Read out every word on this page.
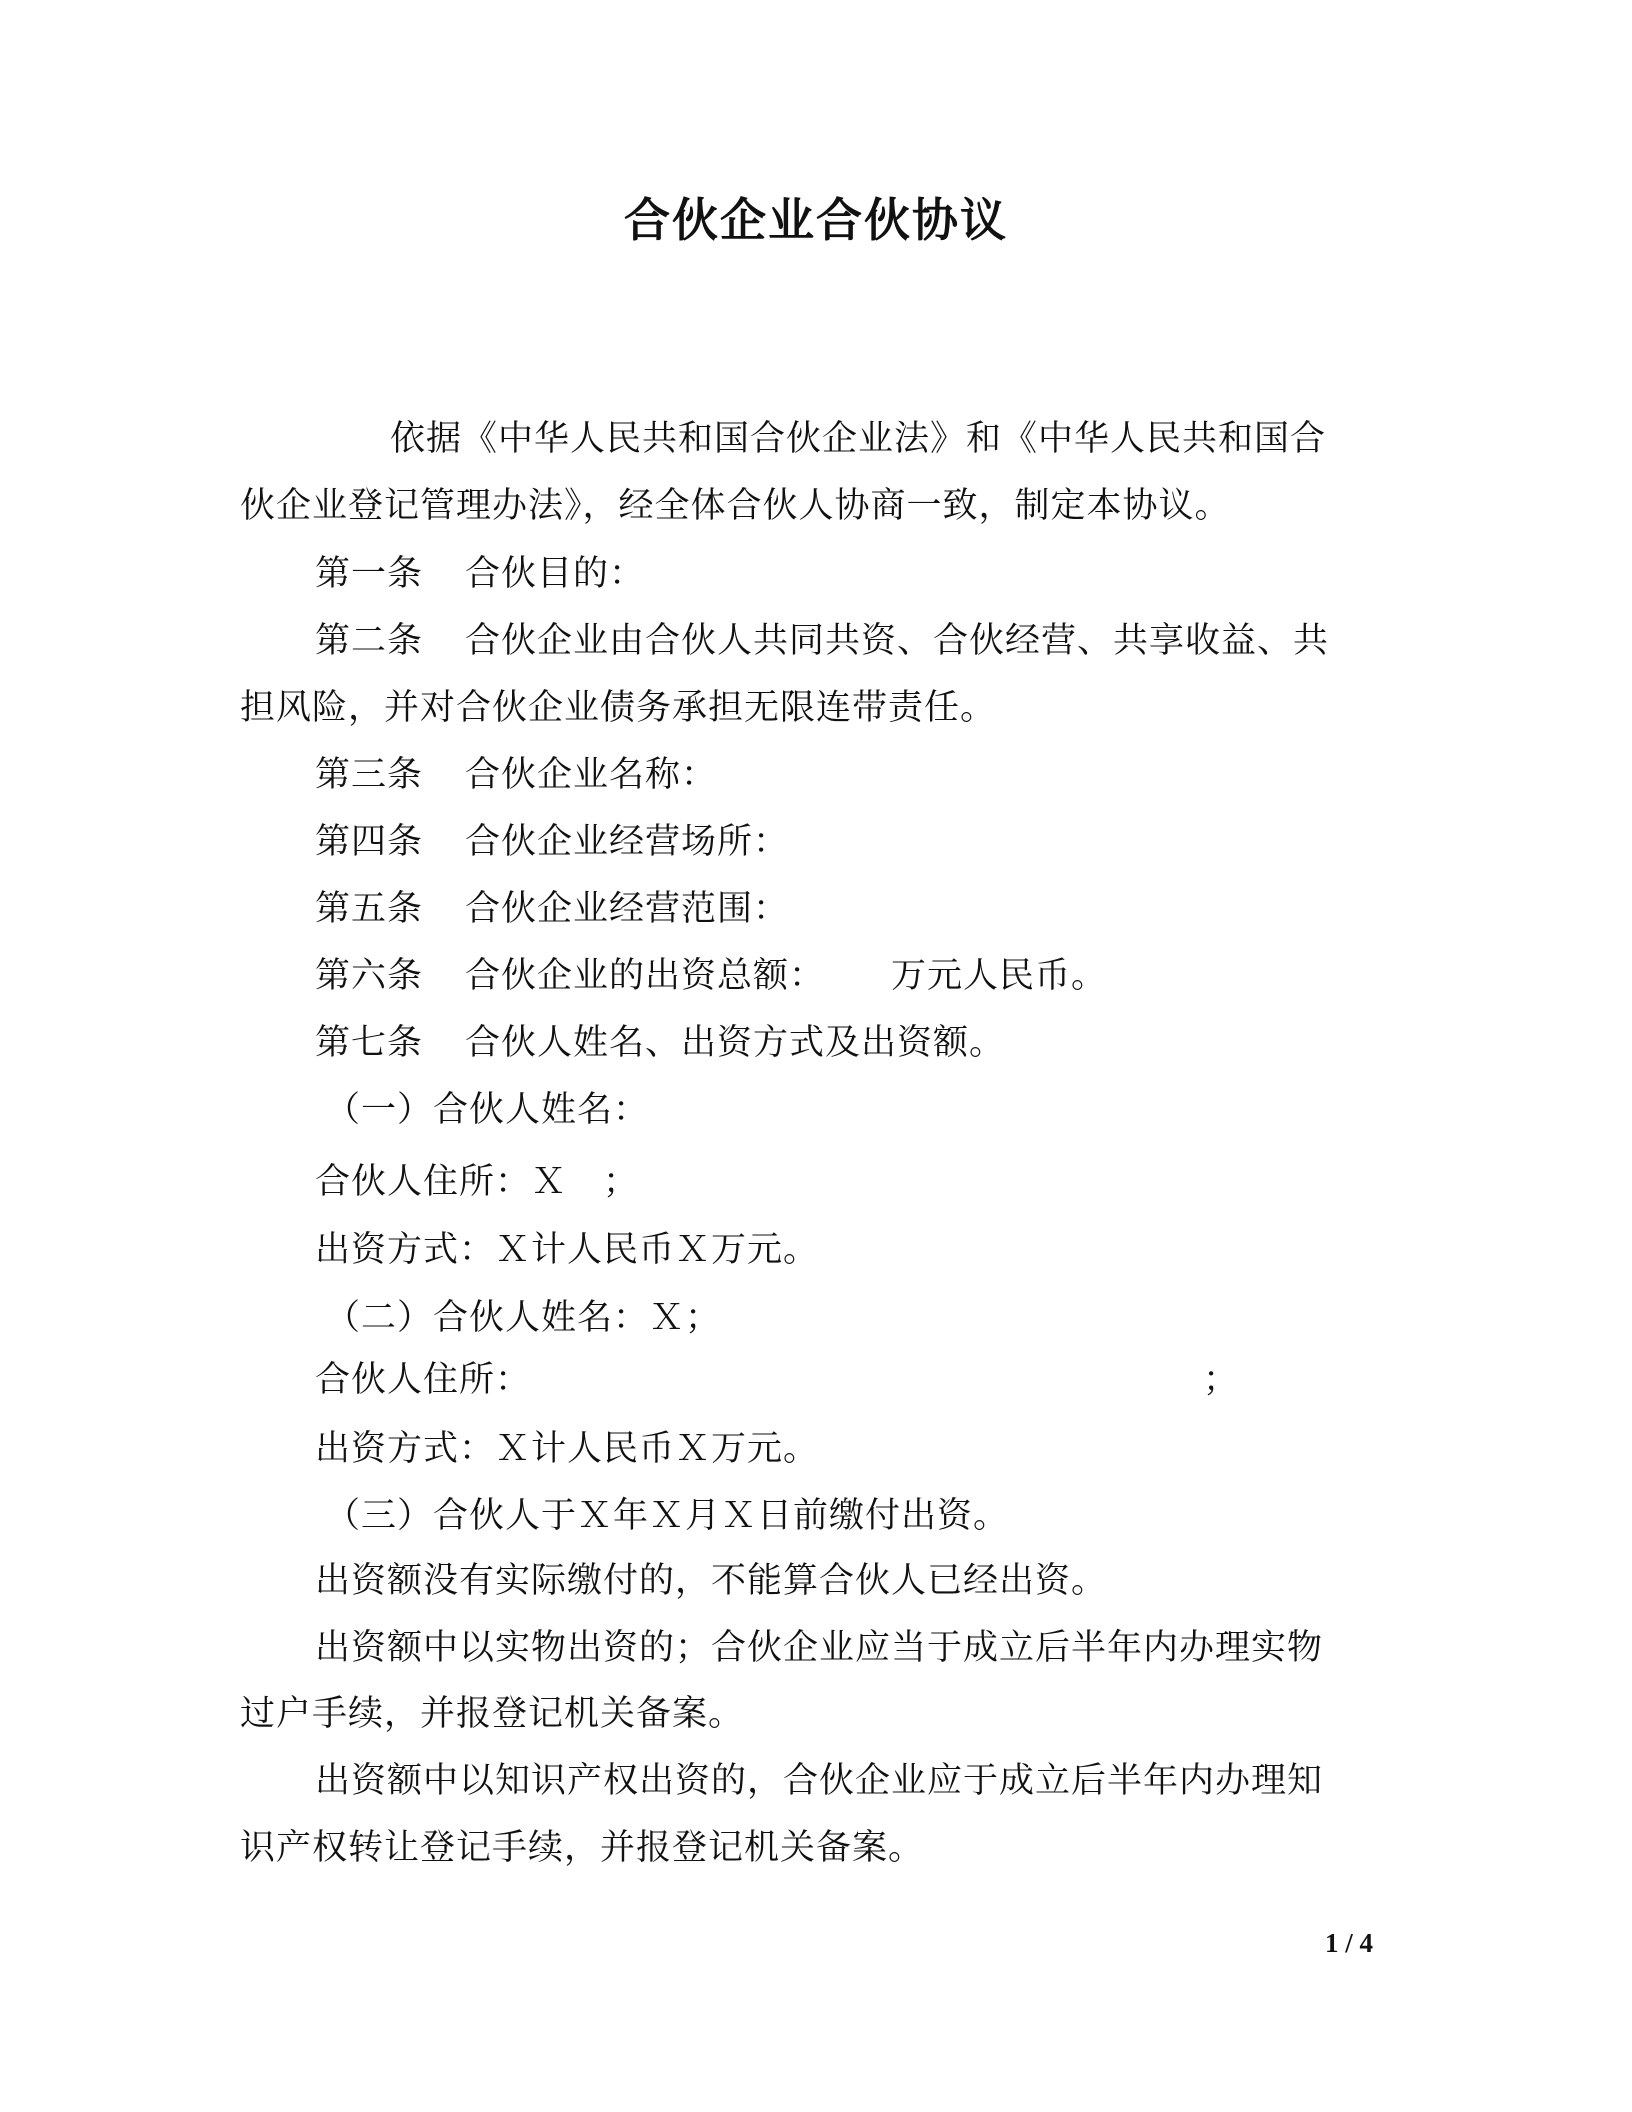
合伙企业合伙协议
依据《中华人民共和国合伙企业法》和《中华人民共和国合
伙企业登记管理办法》，经全体合伙人协商一致，制定本协议。
第一条 合伙目的：
第二条 合伙企业由合伙人共同共资、合伙经营、共享收益、共
担风险，并对合伙企业债务承担无限连带责任。
第三条 合伙企业名称：
第四条 合伙企业经营场所：
第五条 合伙企业经营范围：
第六条 合伙企业的出资总额： 万元人民币。
第七条 合伙人姓名、出资方式及出资额。
（一）合伙人姓名：
合伙人住所：Ｘ　；
出资方式：Ｘ计人民币Ｘ万元。
（二）合伙人姓名：Ｘ；
合伙人住所：	；
出资方式：Ｘ计人民币Ｘ万元。
（三）合伙人于Ｘ年Ｘ月Ｘ日前缴付出资。
出资额没有实际缴付的，不能算合伙人已经出资。
出资额中以实物出资的；合伙企业应当于成立后半年内办理实物
过户手续，并报登记机关备案。
出资额中以知识产权出资的，合伙企业应于成立后半年内办理知
识产权转让登记手续，并报登记机关备案。
1 / 4
